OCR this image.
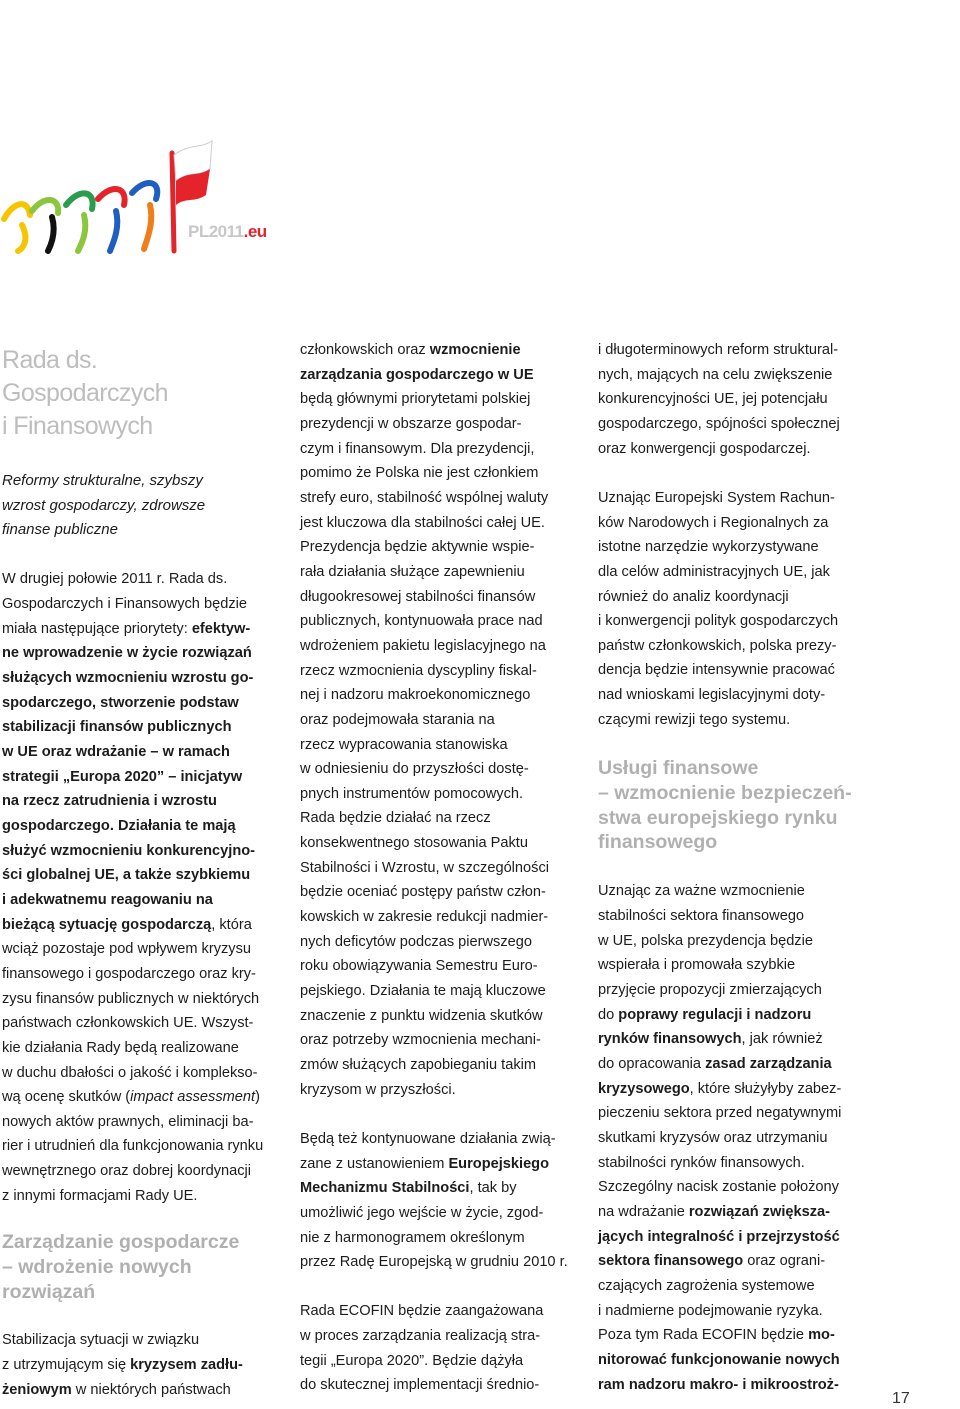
PL2011.eu
Rada ds.
Gospodarczych
i Finansowych
Reformy strukturalne, szybszy
wzrost gospodarczy, zdrowsze
finanse publiczne

W drugiej połowie 2011 r. Rada ds.

Gospodarczych i Finansowych będzie

miała następujące priorytety: efektyw-

ne wprowadzenie w życie rozwiązań

służących wzmocnieniu wzrostu go-

spodarczego, stworzenie podstaw

stabilizacji finansów publicznych

w UE oraz wdrażanie – w ramach

strategii „Europa 2020” – inicjatyw

na rzecz zatrudnienia i wzrostu

gospodarczego. Działania te mają

służyć wzmocnieniu konkurencyjno-

ści globalnej UE, a także szybkiemu

i adekwatnemu reagowaniu na

bieżącą sytuację gospodarczą, która

wciąż pozostaje pod wpływem kryzysu

finansowego i gospodarczego oraz kry-

zysu finansów publicznych w niektórych

państwach członkowskich UE. Wszyst-

kie działania Rady będą realizowane

w duchu dbałości o jakość i komplekso-

wą ocenę skutków (impact assessment)

nowych aktów prawnych, eliminacji ba-

rier i utrudnień dla funkcjonowania rynku

wewnętrznego oraz dobrej koordynacji

z innymi formacjami Rady UE.

Zarządzanie gospodarcze
– wdrożenie nowych
rozwiązań

Stabilizacja sytuacji w związku

z utrzymującym się kryzysem zadłu-

żeniowym w niektórych państwach

członkowskich oraz wzmocnienie

zarządzania gospodarczego w UE

będą głównymi priorytetami polskiej

prezydencji w obszarze gospodar-

czym i finansowym. Dla prezydencji,

pomimo że Polska nie jest członkiem

strefy euro, stabilność wspólnej waluty

jest kluczowa dla stabilności całej UE.

Prezydencja będzie aktywnie wspie-

rała działania służące zapewnieniu

długookresowej stabilności finansów

publicznych, kontynuowała prace nad

wdrożeniem pakietu legislacyjnego na

rzecz wzmocnienia dyscypliny fiskal-

nej i nadzoru makroekonomicznego

oraz podejmowała starania na

rzecz wypracowania stanowiska

w odniesieniu do przyszłości dostę-

pnych instrumentów pomocowych.

Rada będzie działać na rzecz

konsekwentnego stosowania Paktu

Stabilności i Wzrostu, w szczególności

będzie oceniać postępy państw człon-

kowskich w zakresie redukcji nadmier-

nych deficytów podczas pierwszego

roku obowiązywania Semestru Euro-

pejskiego. Działania te mają kluczowe

znaczenie z punktu widzenia skutków

oraz potrzeby wzmocnienia mechani-

zmów służących zapobieganiu takim

kryzysom w przyszłości.

Będą też kontynuowane działania zwią-

zane z ustanowieniem Europejskiego

Mechanizmu Stabilności, tak by

umożliwić jego wejście w życie, zgod-

nie z harmonogramem określonym

przez Radę Europejską w grudniu 2010 r.

Rada ECOFIN będzie zaangażowana

w proces zarządzania realizacją stra-

tegii „Europa 2020”. Będzie dążyła

do skutecznej implementacji średnio-

i długoterminowych reform struktural-

nych, mających na celu zwiększenie

konkurencyjności UE, jej potencjału

gospodarczego, spójności społecznej

oraz konwergencji gospodarczej.

Uznając Europejski System Rachun-

ków Narodowych i Regionalnych za

istotne narzędzie wykorzystywane

dla celów administracyjnych UE, jak

również do analiz koordynacji

i konwergencji polityk gospodarczych

państw członkowskich, polska prezy-

dencja będzie intensywnie pracować

nad wnioskami legislacyjnymi doty-

czącymi rewizji tego systemu.

Usługi finansowe
– wzmocnienie bezpieczeń-
stwa europejskiego rynku
finansowego

Uznając za ważne wzmocnienie

stabilności sektora finansowego

w UE, polska prezydencja będzie

wspierała i promowała szybkie

przyjęcie propozycji zmierzających

do poprawy regulacji i nadzoru

rynków finansowych, jak również

do opracowania zasad zarządzania

kryzysowego, które służyłyby zabez-

pieczeniu sektora przed negatywnymi

skutkami kryzysów oraz utrzymaniu

stabilności rynków finansowych.

Szczególny nacisk zostanie położony

na wdrażanie rozwiązań zwiększa-

jących integralność i przejrzystość

sektora finansowego oraz ograni-

czających zagrożenia systemowe

i nadmierne podejmowanie ryzyka.

Poza tym Rada ECOFIN będzie mo-

nitorować funkcjonowanie nowych

ram nadzoru makro- i mikroostroż-

17
